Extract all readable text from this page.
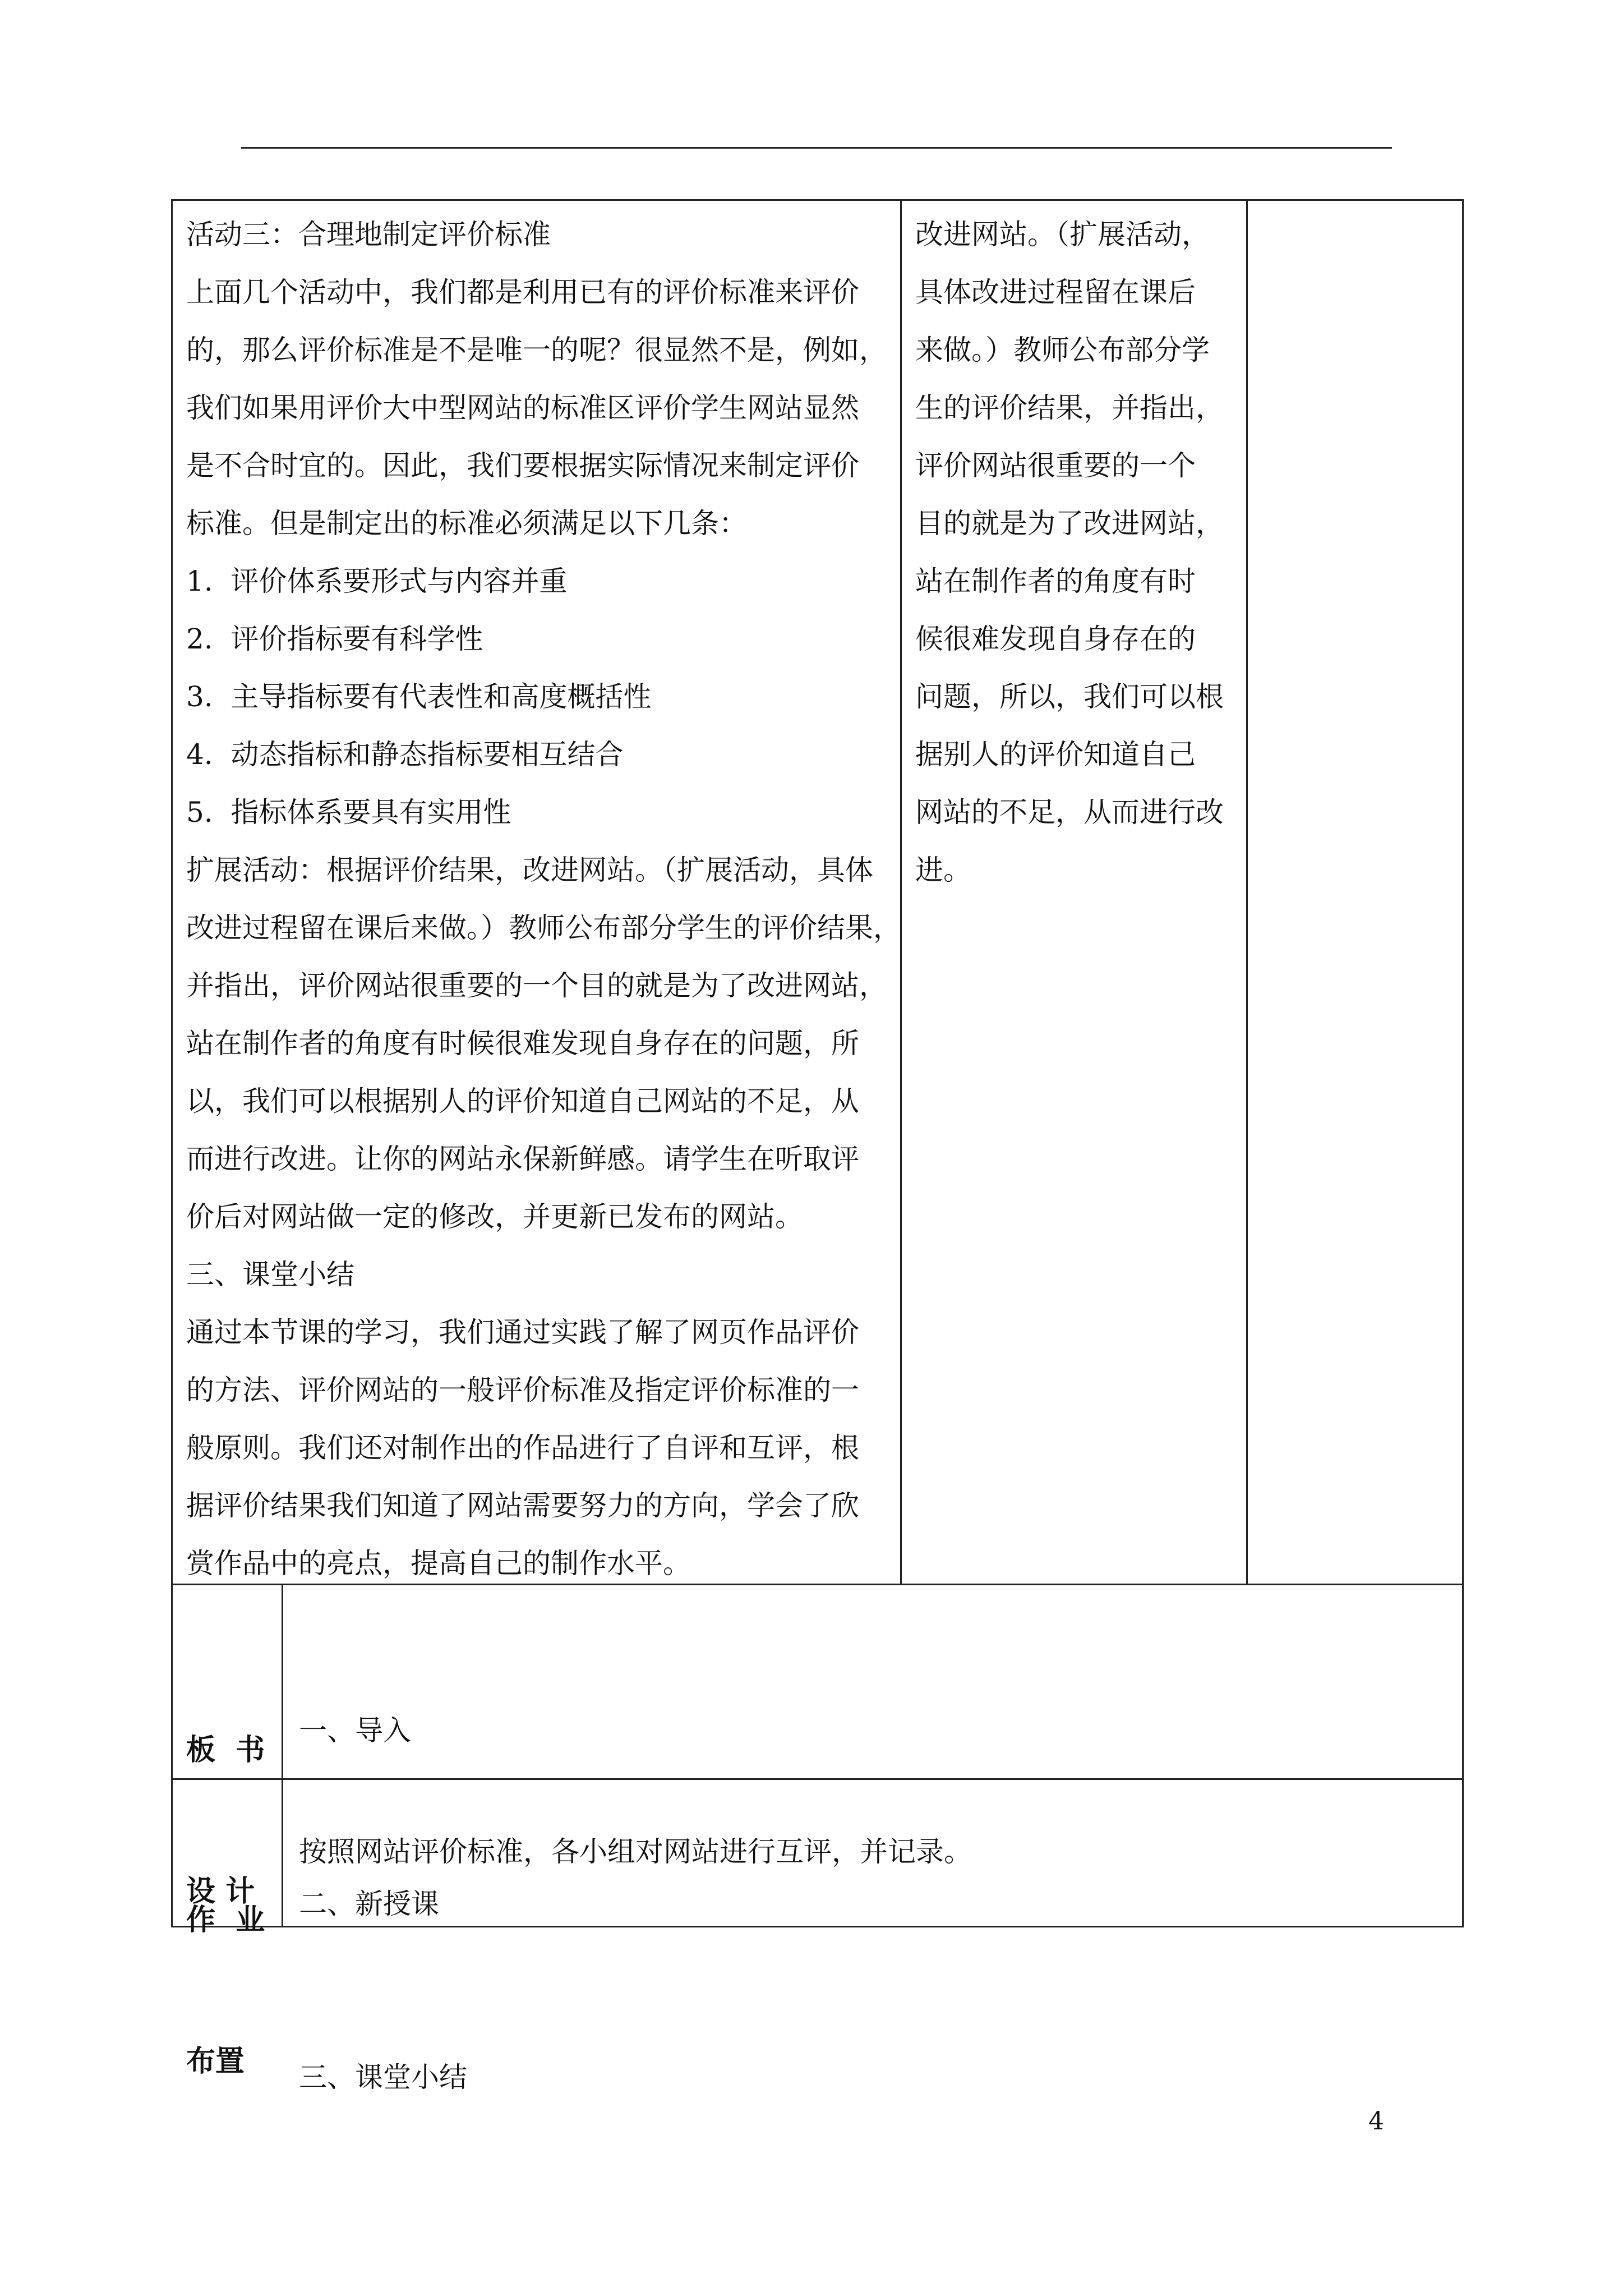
活动三：合理地制定评价标准
上面几个活动中，我们都是利用已有的评价标准来评价
的，那么评价标准是不是唯一的呢？很显然不是，例如，
我们如果用评价大中型网站的标准区评价学生网站显然
是不合时宜的。因此，我们要根据实际情况来制定评价
标准。但是制定出的标准必须满足以下几条：
1.  评价体系要形式与内容并重
2.  评价指标要有科学性
3.  主导指标要有代表性和高度概括性
4.  动态指标和静态指标要相互结合
5.  指标体系要具有实用性
扩展活动：根据评价结果，改进网站。（扩展活动，具体
改进过程留在课后来做。）教师公布部分学生的评价结果，
并指出，评价网站很重要的一个目的就是为了改进网站，
站在制作者的角度有时候很难发现自身存在的问题，所
以，我们可以根据别人的评价知道自己网站的不足，从
而进行改进。让你的网站永保新鲜感。请学生在听取评
价后对网站做一定的修改，并更新已发布的网站。
三、课堂小结
通过本节课的学习，我们通过实践了解了网页作品评价
的方法、评价网站的一般评价标准及指定评价标准的一
般原则。我们还对制作出的作品进行了自评和互评，根
据评价结果我们知道了网站需要努力的方向，学会了欣
赏作品中的亮点，提高自己的制作水平。
改进网站。（扩展活动，
具体改进过程留在课后
来做。）教师公布部分学
生的评价结果，并指出，
评价网站很重要的一个
目的就是为了改进网站，
站在制作者的角度有时
候很难发现自身存在的
问题，所以，我们可以根
据别人的评价知道自己
网站的不足，从而进行改
进。

板  书

设 计

一、导入

二、新授课

三、课堂小结

作  业

布置

按照网站评价标准，各小组对网站进行互评，并记录。
4
